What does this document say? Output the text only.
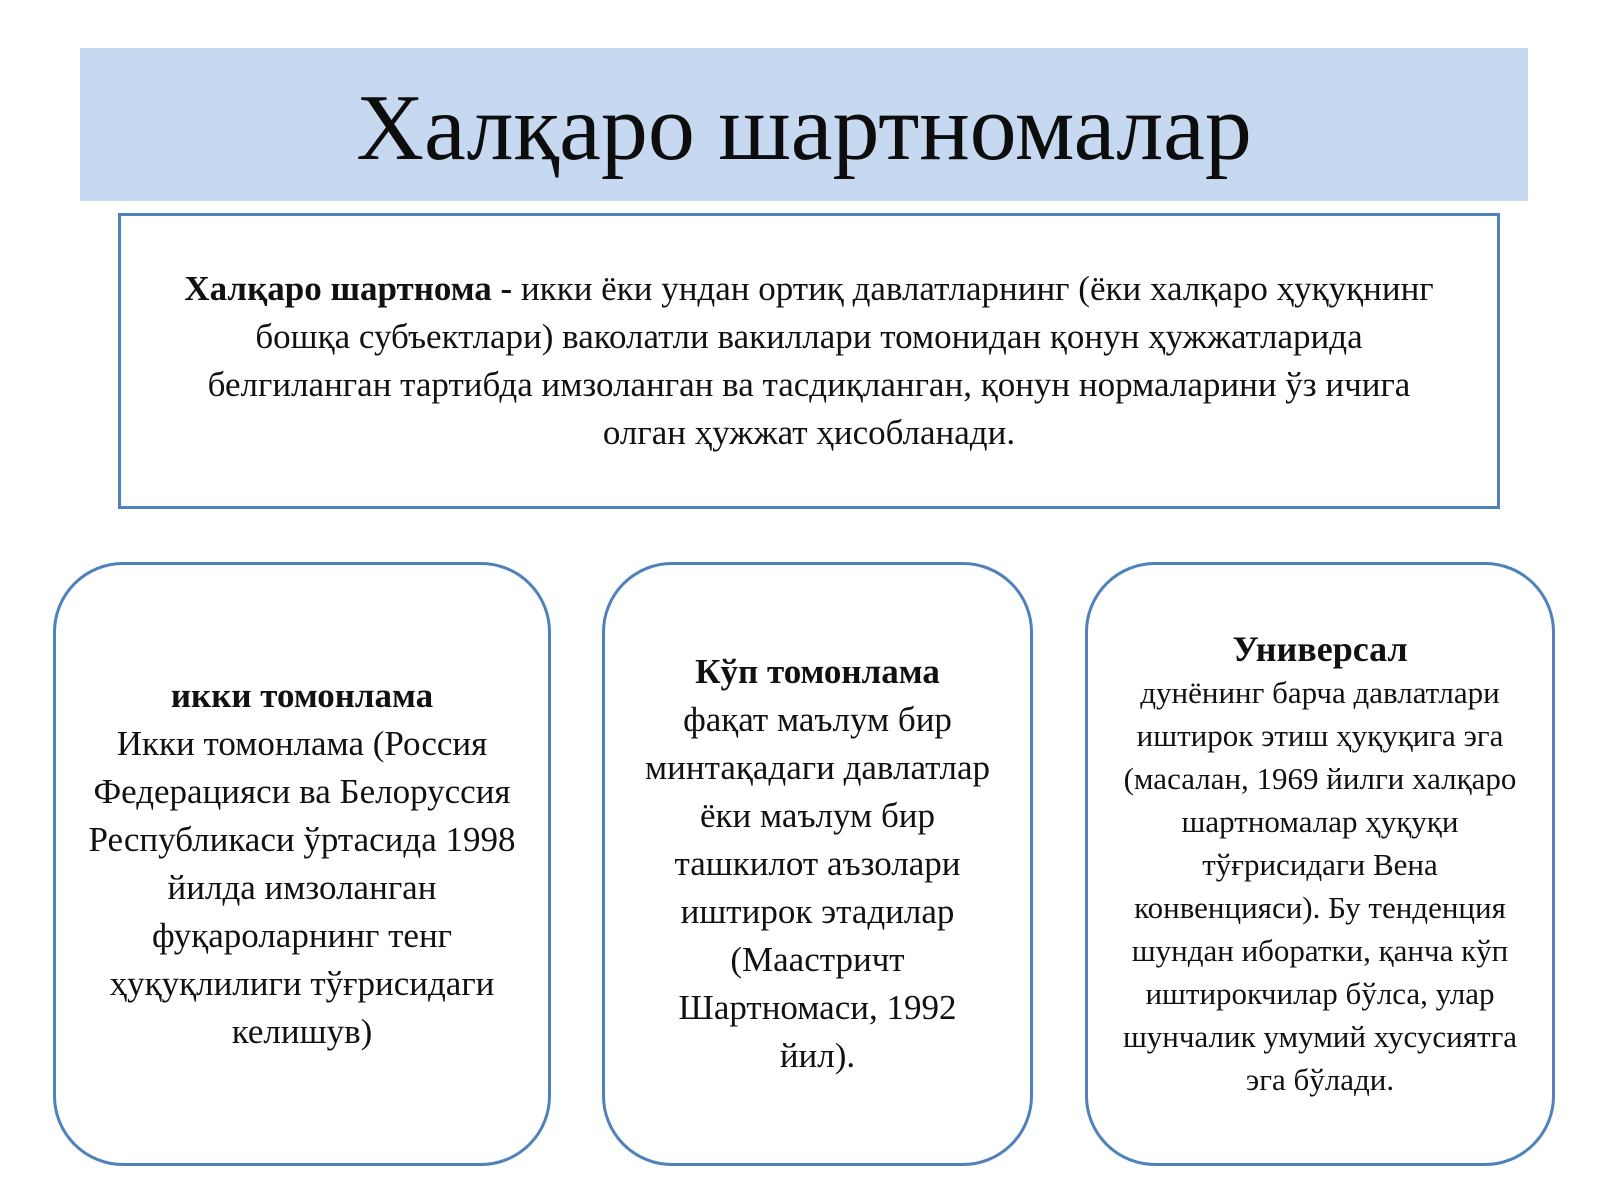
Халқаро шартномалар
Халқаро шартнома - икки ёки ундан ортиқ давлатларнинг (ёки халқаро ҳуқуқнинг бошқа субъектлари) ваколатли вакиллари томонидан қонун ҳужжатларида белгиланган тартибда имзоланган ва тасдиқланган, қонун нормаларини ўз ичига олган ҳужжат ҳисобланади.
икки томонлама
Икки томонлама (Россия Федерацияси ва Белоруссия Республикаси ўртасида 1998 йилда имзоланган фуқароларнинг тенг ҳуқуқлилиги тўғрисидаги келишув)
Кўп томонлама
фақат маълум бир минтақадаги давлатлар ёки маълум бир ташкилот аъзолари иштирок этадилар (Маастричт Шартномаси, 1992 йил).
Универсал
дунёнинг барча давлатлари иштирок этиш ҳуқуқига эга (масалан, 1969 йилги халқаро шартномалар ҳуқуқи тўғрисидаги Вена конвенцияси). Бу тенденция шундан иборатки, қанча кўп иштирокчилар бўлса, улар шунчалик умумий хусусиятга эга бўлади.
